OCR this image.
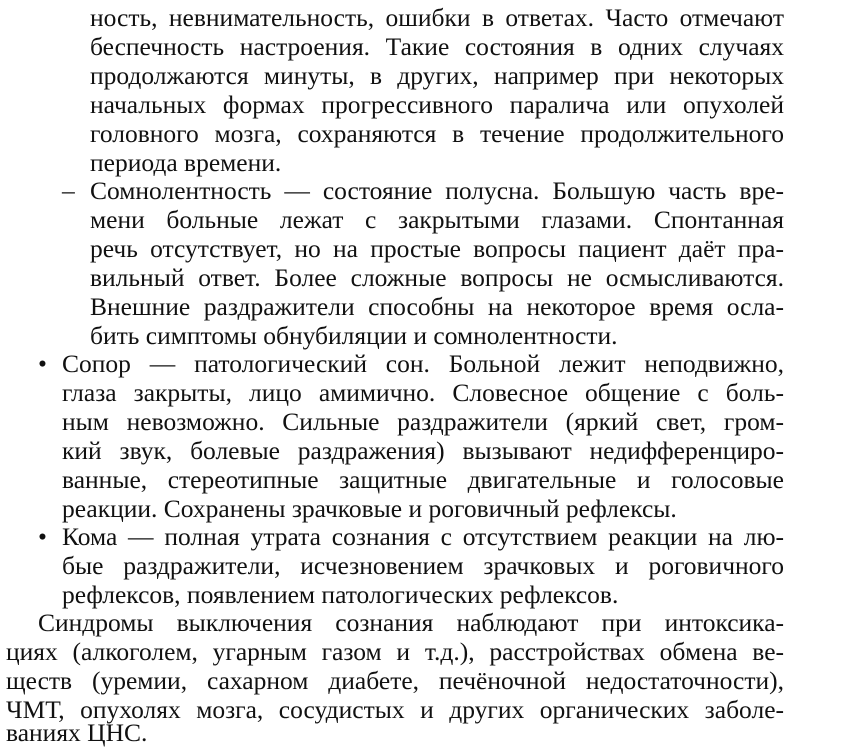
ность, невнимательность, ошибки в ответах. Часто отмечают
беспечность настроения. Такие состояния в одних случаях
продолжаются минуты, в других, например при некоторых
начальных формах прогрессивного паралича или опухолей
головного мозга, сохраняются в течение продолжительного
периода времени.
– Сомнолентность — состояние полусна. Большую часть вре-
мени больные лежат с закрытыми глазами. Спонтанная
речь отсутствует, но на простые вопросы пациент даёт пра-
вильный ответ. Более сложные вопросы не осмысливаются.
Внешние раздражители способны на некоторое время осла-
бить симптомы обнубиляции и сомнолентности.
• Сопор — патологический сон. Больной лежит неподвижно,
глаза закрыты, лицо амимично. Словесное общение с боль-
ным невозможно. Сильные раздражители (яркий свет, гром-
кий звук, болевые раздражения) вызывают недифференциро-
ванные, стереотипные защитные двигательные и голосовые
реакции. Сохранены зрачковые и роговичный рефлексы.
• Кома — полная утрата сознания с отсутствием реакции на лю-
бые раздражители, исчезновением зрачковых и роговичного
рефлексов, появлением патологических рефлексов.
Синдромы выключения сознания наблюдают при интоксика-
циях (алкоголем, угарным газом и т.д.), расстройствах обмена ве-
ществ (уремии, сахарном диабете, печёночной недостаточности),
ЧМТ, опухолях мозга, сосудистых и других органических заболе-
ваниях ЦНС.
